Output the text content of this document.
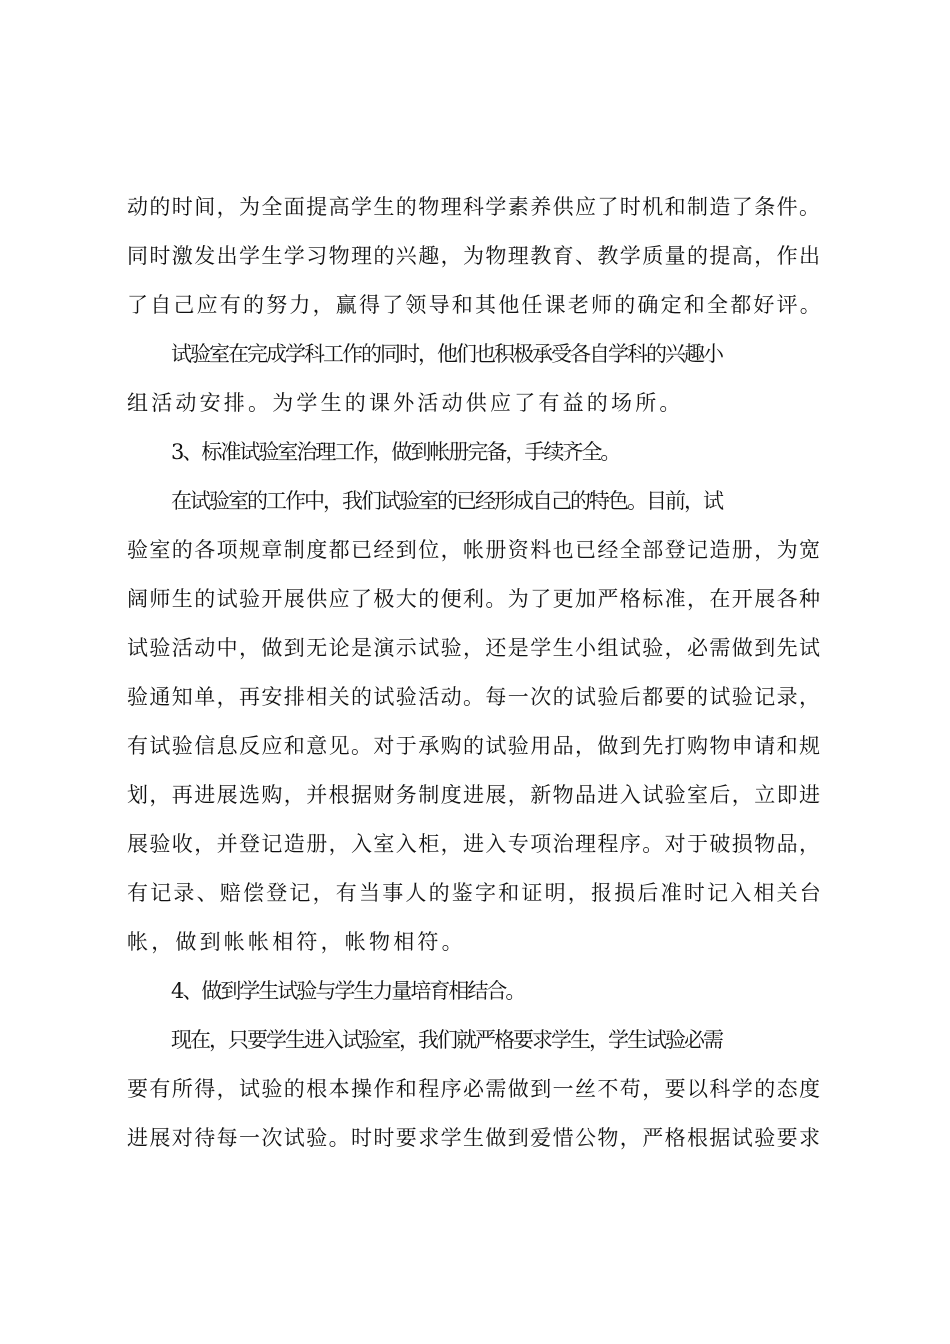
动的时间，为全面提高学生的物理科学素养供应了时机和制造了条件。

同时激发出学生学习物理的兴趣，为物理教育、教学质量的提高，作出

了自己应有的努力，赢得了领导和其他任课老师的确定和全都好评。

试验室在完成学科工作的同时，他们也积极承受各自学科的兴趣小

组活动安排。为学生的课外活动供应了有益的场所。

3、标准试验室治理工作，做到帐册完备，手续齐全。

在试验室的工作中，我们试验室的已经形成自己的特色。目前，试

验室的各项规章制度都已经到位，帐册资料也已经全部登记造册，为宽

阔师生的试验开展供应了极大的便利。为了更加严格标准，在开展各种

试验活动中，做到无论是演示试验，还是学生小组试验，必需做到先试

验通知单，再安排相关的试验活动。每一次的试验后都要的试验记录，

有试验信息反应和意见。对于承购的试验用品，做到先打购物申请和规

划，再进展选购，并根据财务制度进展，新物品进入试验室后，立即进

展验收，并登记造册，入室入柜，进入专项治理程序。对于破损物品，

有记录、赔偿登记，有当事人的鉴字和证明，报损后准时记入相关台

帐，做到帐帐相符，帐物相符。

4、做到学生试验与学生力量培育相结合。

现在，只要学生进入试验室，我们就严格要求学生，学生试验必需

要有所得，试验的根本操作和程序必需做到一丝不苟，要以科学的态度

进展对待每一次试验。时时要求学生做到爱惜公物，严格根据试验要求
